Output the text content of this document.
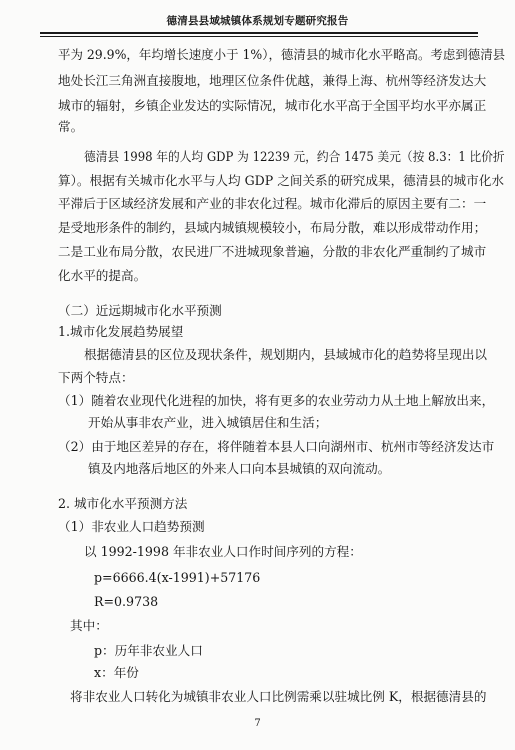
德清县县域城镇体系规划专题研究报告
平为 29.9%，年均增长速度小于 1%），德清县的城市化水平略高。考虑到德清县
地处长江三角洲直接腹地，地理区位条件优越，兼得上海、杭州等经济发达大
城市的辐射，乡镇企业发达的实际情况，城市化水平高于全国平均水平亦属正
常。
德清县 1998 年的人均 GDP 为 12239 元，约合 1475 美元（按 8.3：1 比价折
算）。根据有关城市化水平与人均 GDP 之间关系的研究成果，德清县的城市化水
平滞后于区域经济发展和产业的非农化过程。城市化滞后的原因主要有二：一
是受地形条件的制约，县域内城镇规模较小，布局分散，难以形成带动作用；
二是工业布局分散，农民进厂不进城现象普遍，分散的非农化严重制约了城市
化水平的提高。
（二）近远期城市化水平预测
1.城市化发展趋势展望
根据德清县的区位及现状条件，规划期内，县域城市化的趋势将呈现出以
下两个特点：
（1）随着农业现代化进程的加快，将有更多的农业劳动力从土地上解放出来，
开始从事非农产业，进入城镇居住和生活；
（2）由于地区差异的存在，将伴随着本县人口向湖州市、杭州市等经济发达市
镇及内地落后地区的外来人口向本县城镇的双向流动。
2. 城市化水平预测方法
（1）非农业人口趋势预测
以 1992-1998 年非农业人口作时间序列的方程：
p=6666.4(x-1991)+57176
R=0.9738
其中：
p：历年非农业人口
x：年份
将非农业人口转化为城镇非农业人口比例需乘以驻城比例 K，根据德清县的
7
